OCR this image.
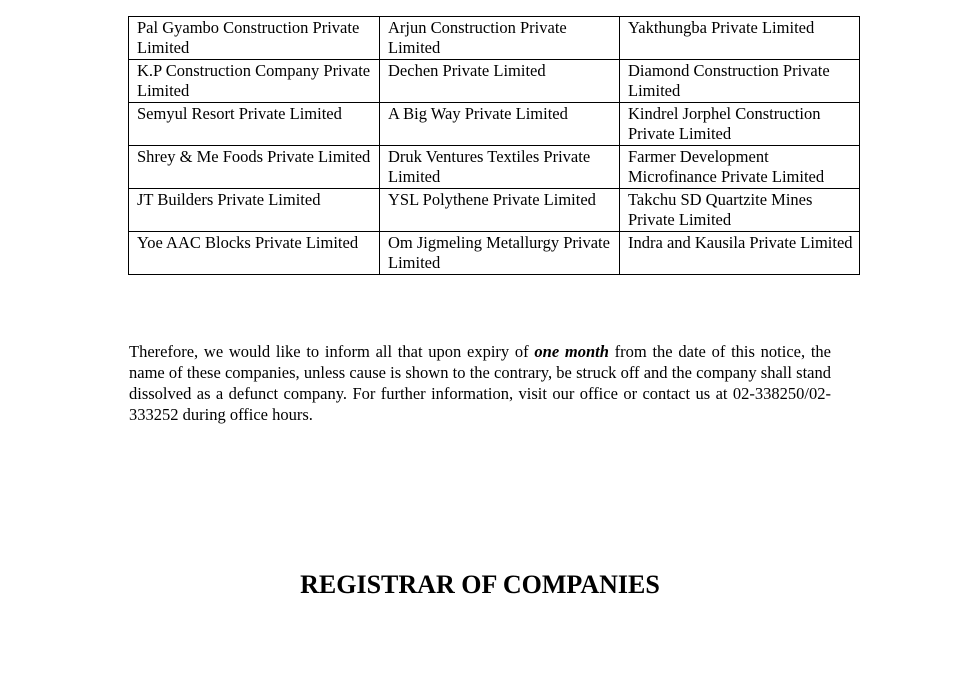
Pal Gyambo Construction Private Limited	Arjun Construction Private Limited	Yakthungba Private Limited
K.P Construction Company Private Limited	Dechen Private Limited	Diamond Construction Private Limited
Semyul Resort Private Limited	A Big Way Private Limited	Kindrel Jorphel Construction Private Limited
Shrey & Me Foods Private Limited	Druk Ventures Textiles Private Limited	Farmer Development Microfinance Private Limited
JT Builders Private Limited	YSL Polythene Private Limited	Takchu SD Quartzite Mines Private Limited
Yoe AAC Blocks Private Limited	Om Jigmeling Metallurgy Private Limited	Indra and Kausila Private Limited

Therefore, we would like to inform all that upon expiry of one month from the date of this notice, the name of these companies, unless cause is shown to the contrary, be struck off and the company shall stand dissolved as a defunct company. For further information, visit our office or contact us at 02-338250/02-333252 during office hours.

REGISTRAR OF COMPANIES
